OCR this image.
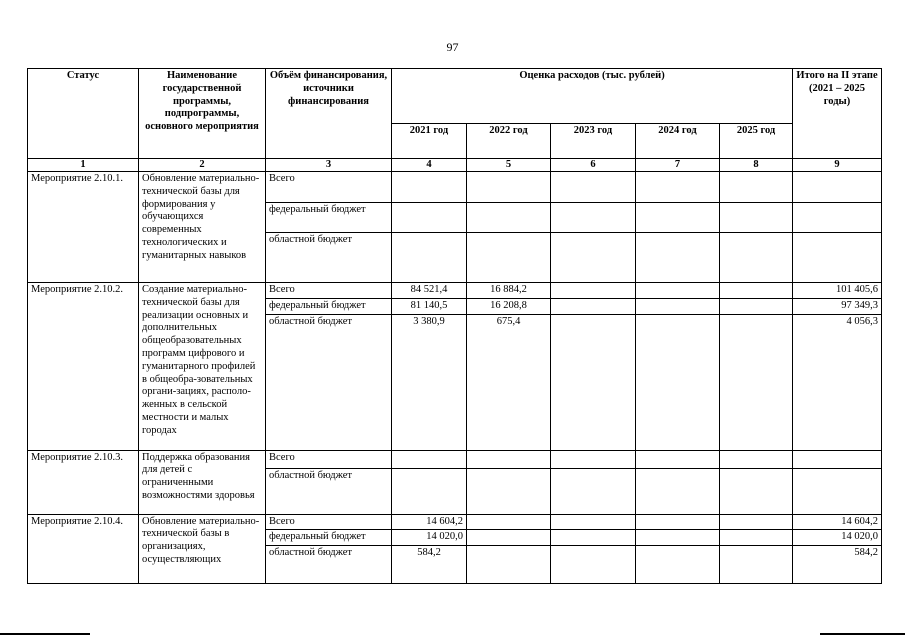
97
Статус	Наименование государственной программы, подпрограммы, основного мероприятия	Объём финансирования, источники финансирования	Оценка расходов (тыс. рублей)					Итого на II этапе (2021 – 2025 годы)
			2021 год	2022 год	2023 год	2024 год	2025 год	
1	2	3	4	5	6	7	8	9
Мероприятие 2.10.1.	Обновление материально-технической базы для формирования у обучающихся современных технологических и гуманитарных навыков	Всего						
		федеральный бюджет						
		областной бюджет						
Мероприятие 2.10.2.	Создание материально-технической базы для реализации основных и дополнительных общеобразовательных программ цифрового и гуманитарного профилей в общеобра-зовательных органи-зациях, располо-женных в сельской местности и малых городах	Всего	84 521,4	16 884,2				101 405,6
		федеральный бюджет	81 140,5	16 208,8				97 349,3
		областной бюджет	3 380,9	675,4				4 056,3
Мероприятие 2.10.3.	Поддержка образования для детей с ограниченными возможностями здоровья	Всего						
		областной бюджет						
Мероприятие 2.10.4.	Обновление материально-технической базы в организациях, осуществляющих	Всего	14 604,2					14 604,2
		федеральный бюджет	14 020,0					14 020,0
		областной бюджет	584,2					584,2
